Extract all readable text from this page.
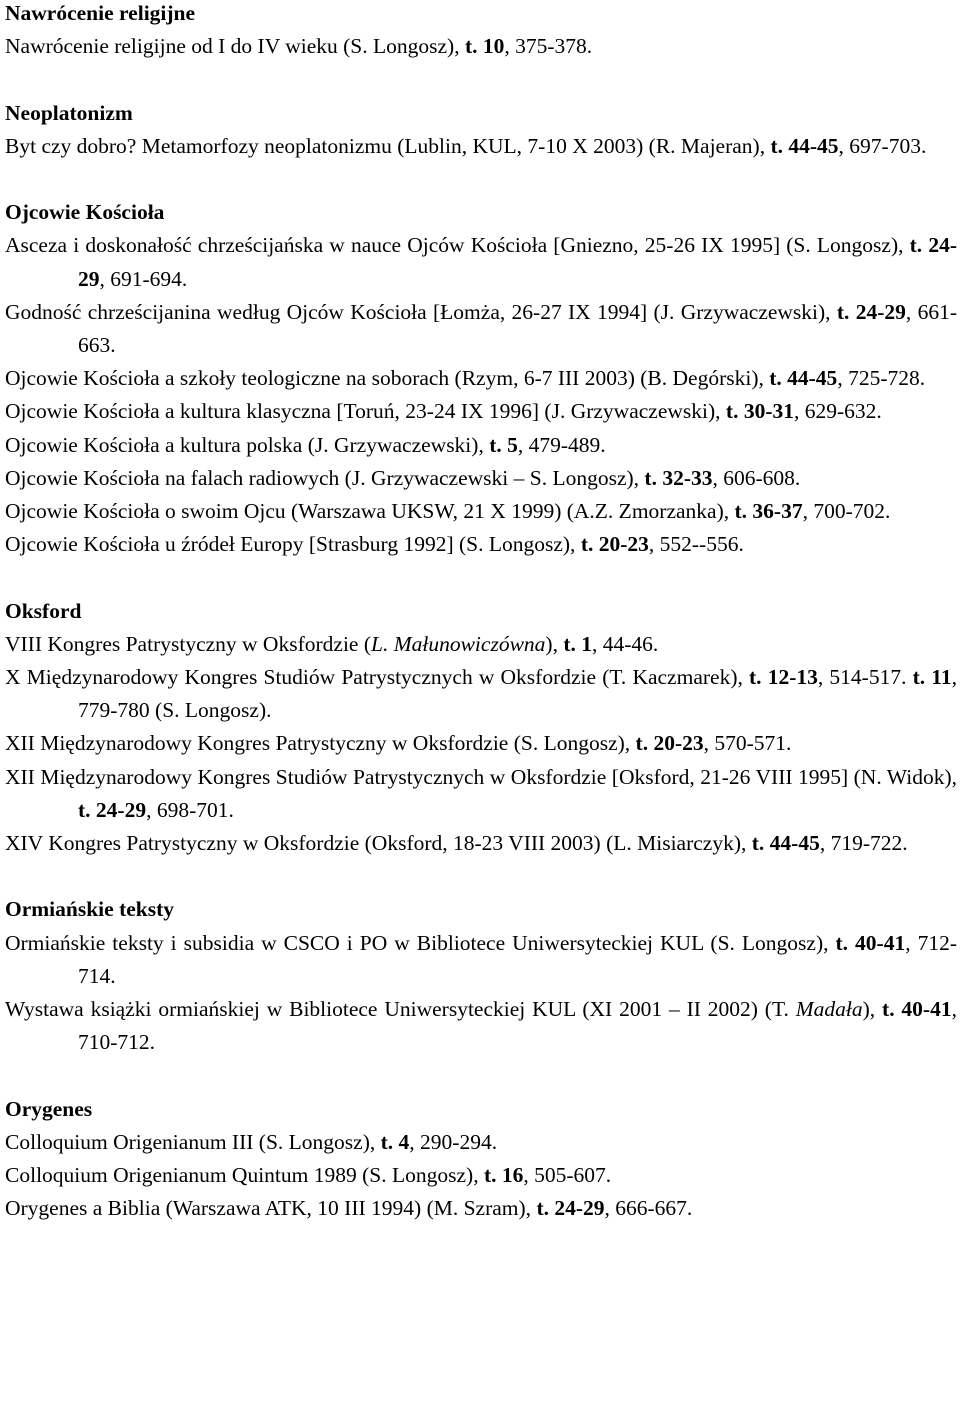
Nawrócenie religijne

Nawrócenie religijne od I do IV wieku (S. Longosz), t. 10, 375-378.

Neoplatonizm

Byt czy dobro? Metamorfozy neoplatonizmu (Lublin, KUL, 7-10 X 2003) (R. Majeran), t. 44-45, 697-703.

Ojcowie Kościoła

Asceza i doskonałość chrześcijańska w nauce Ojców Kościoła [Gniezno, 25-26 IX 1995] (S. Longosz), t. 24-29, 691-694.

Godność chrześcijanina według Ojców Kościoła [Łomża, 26-27 IX 1994] (J. Grzywaczewski), t. 24-29, 661-663.

Ojcowie Kościoła a szkoły teologiczne na soborach (Rzym, 6-7 III 2003) (B. Degórski), t. 44-45, 725-728.

Ojcowie Kościoła a kultura klasyczna [Toruń, 23-24 IX 1996] (J. Grzywaczewski), t. 30-31, 629-632.

Ojcowie Kościoła a kultura polska (J. Grzywaczewski), t. 5, 479-489.

Ojcowie Kościoła na falach radiowych (J. Grzywaczewski – S. Longosz), t. 32-33, 606-608.

Ojcowie Kościoła o swoim Ojcu (Warszawa UKSW, 21 X 1999) (A.Z. Zmorzanka), t. 36-37, 700-702.

Ojcowie Kościoła u źródeł Europy [Strasburg 1992] (S. Longosz), t. 20-23, 552--556.

Oksford

VIII Kongres Patrystyczny w Oksfordzie (L. Małunowiczówna), t. 1, 44-46.

X Międzynarodowy Kongres Studiów Patrystycznych w Oksfordzie (T. Kaczmarek), t. 12-13, 514-517. t. 11, 779-780 (S. Longosz).

XII Międzynarodowy Kongres Patrystyczny w Oksfordzie (S. Longosz), t. 20-23, 570-571.

XII Międzynarodowy Kongres Studiów Patrystycznych w Oksfordzie [Oksford, 21-26 VIII 1995] (N. Widok), t. 24-29, 698-701.

XIV Kongres Patrystyczny w Oksfordzie (Oksford, 18-23 VIII 2003) (L. Misiarczyk), t. 44-45, 719-722.

Ormiańskie teksty

Ormiańskie teksty i subsidia w CSCO i PO w Bibliotece Uniwersyteckiej KUL (S. Longosz), t. 40-41, 712-714.

Wystawa książki ormiańskiej w Bibliotece Uniwersyteckiej KUL (XI 2001 – II 2002) (T. Madała), t. 40-41, 710-712.

Orygenes

Colloquium Origenianum III (S. Longosz), t. 4, 290-294.

Colloquium Origenianum Quintum 1989 (S. Longosz), t. 16, 505-607.

Orygenes a Biblia (Warszawa ATK, 10 III 1994) (M. Szram), t. 24-29, 666-667.
